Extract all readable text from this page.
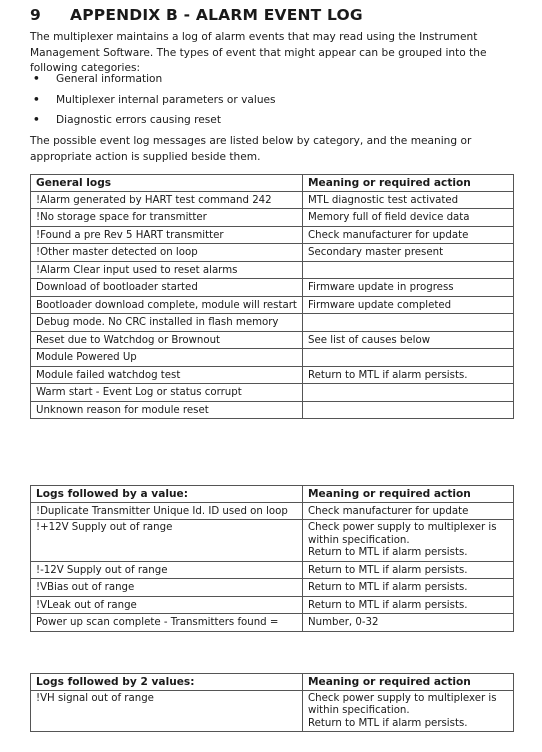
9 APPENDIX B - ALARM EVENT LOG
The multiplexer maintains a log of alarm events that may read using the Instrument Management Software. The types of event that might appear can be grouped into the following categories:
• General information
• Multiplexer internal parameters or values
• Diagnostic errors causing reset
The possible event log messages are listed below by category, and the meaning or appropriate action is supplied beside them.
General logs	Meaning or required action
!Alarm generated by HART test command 242	MTL diagnostic test activated
!No storage space for transmitter	Memory full of field device data
!Found a pre Rev 5 HART transmitter	Check manufacturer for update
!Other master detected on loop	Secondary master present
!Alarm Clear input used to reset alarms	
Download of bootloader started	Firmware update in progress
Bootloader download complete, module will restart	Firmware update completed
Debug mode. No CRC installed in flash memory	
Reset due to Watchdog or Brownout	See list of causes below
Module Powered Up	
Module failed watchdog test	Return to MTL if alarm persists.
Warm start - Event Log or status corrupt	
Unknown reason for module reset	
Logs followed by a value:	Meaning or required action
!Duplicate Transmitter Unique Id. ID used on loop	Check manufacturer for update
!+12V Supply out of range	Check power supply to multiplexer is within specification.
Return to MTL if alarm persists.

!-12V Supply out of range	Return to MTL if alarm persists.
!VBias out of range	Return to MTL if alarm persists.
!VLeak out of range	Return to MTL if alarm persists.
Power up scan complete - Transmitters found =	Number, 0-32
Logs followed by 2 values:	Meaning or required action
!VH signal out of range	Check power supply to multiplexer is within specification.
Return to MTL if alarm persists.
